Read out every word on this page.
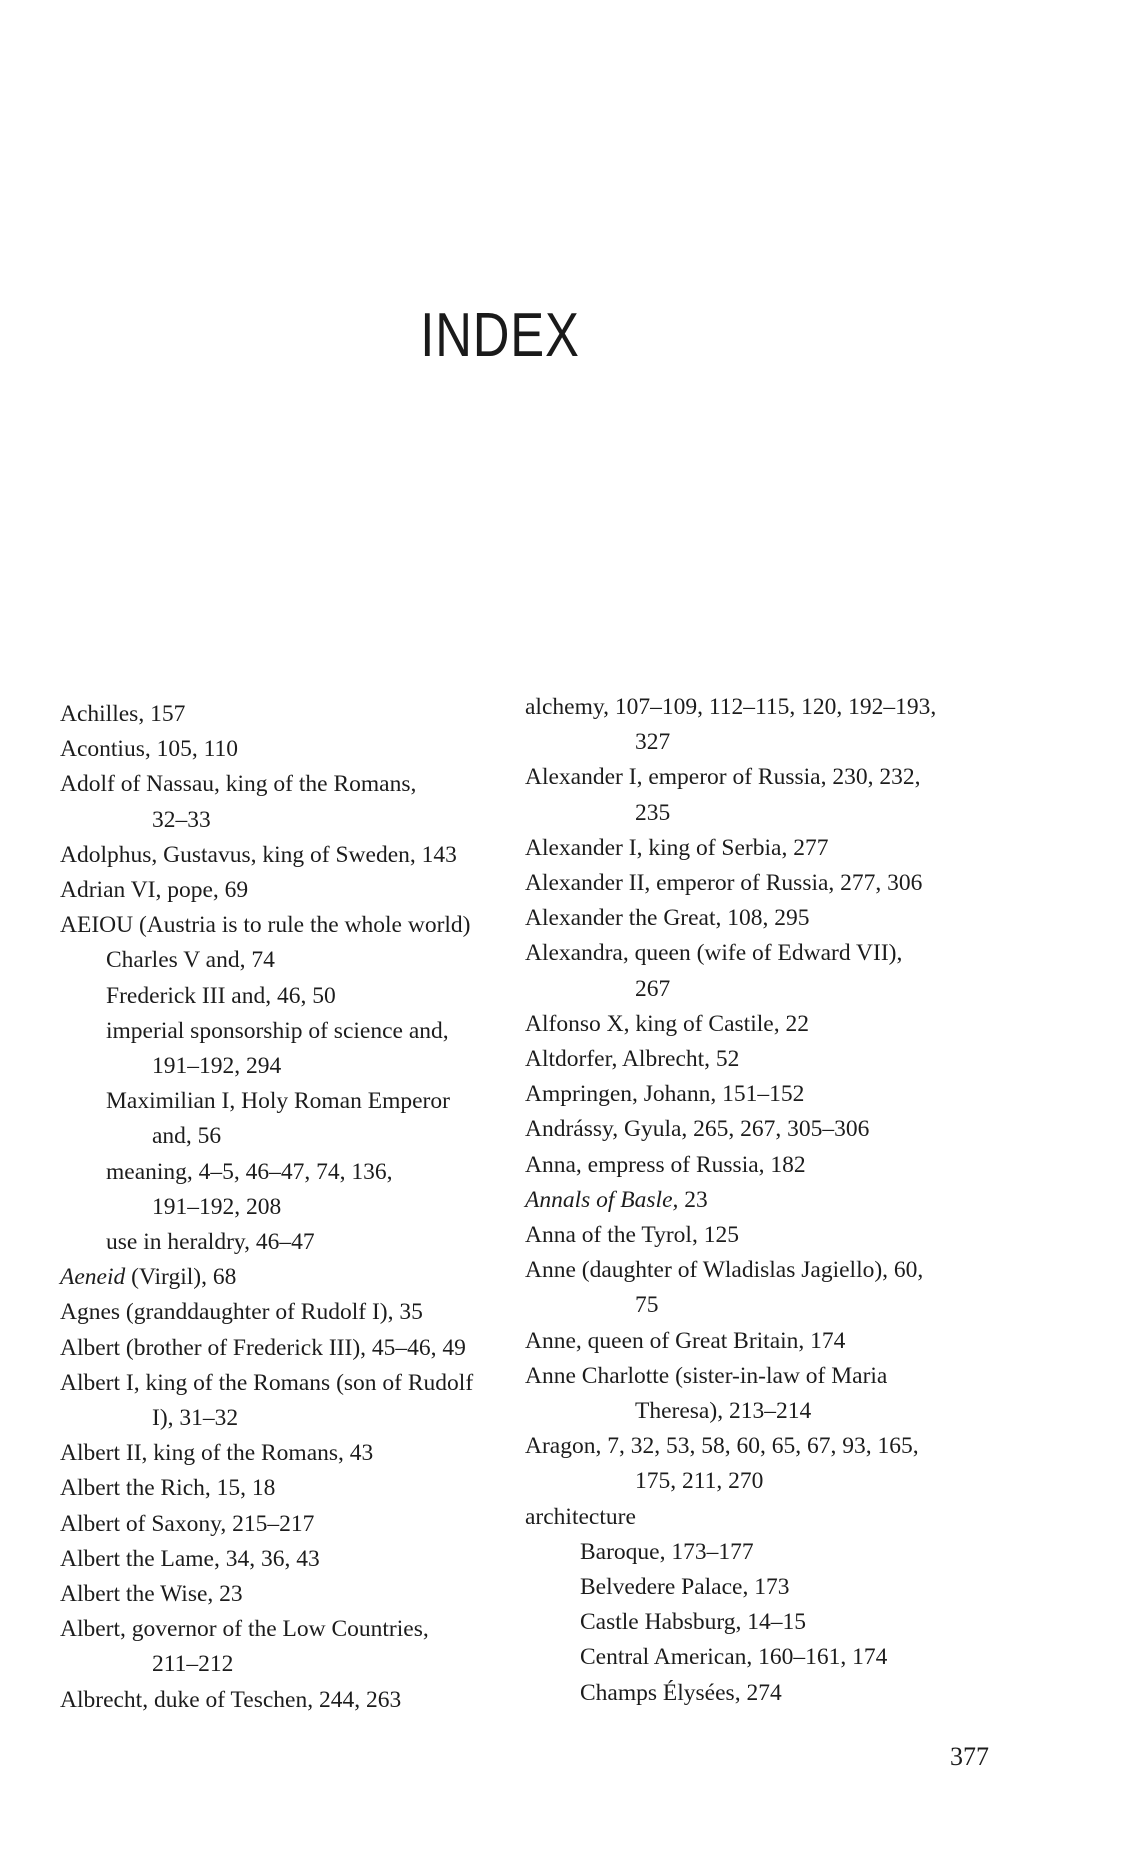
INDEX

Achilles, 157

Acontius, 105, 110

Adolf of Nassau, king of the Romans,

32–33

Adolphus, Gustavus, king of Sweden, 143

Adrian VI, pope, 69

AEIOU (Austria is to rule the whole world)

Charles V and, 74

Frederick III and, 46, 50

imperial sponsorship of science and,

191–192, 294

Maximilian I, Holy Roman Emperor

and, 56

meaning, 4–5, 46–47, 74, 136,

191–192, 208

use in heraldry, 46–47

Aeneid (Virgil), 68

Agnes (granddaughter of Rudolf I), 35

Albert (brother of Frederick III), 45–46, 49

Albert I, king of the Romans (son of Rudolf

I), 31–32

Albert II, king of the Romans, 43

Albert the Rich, 15, 18

Albert of Saxony, 215–217

Albert the Lame, 34, 36, 43

Albert the Wise, 23

Albert, governor of the Low Countries,

211–212

Albrecht, duke of Teschen, 244, 263

alchemy, 107–109, 112–115, 120, 192–193,

327

Alexander I, emperor of Russia, 230, 232,

235

Alexander I, king of Serbia, 277

Alexander II, emperor of Russia, 277, 306

Alexander the Great, 108, 295

Alexandra, queen (wife of Edward VII),

267

Alfonso X, king of Castile, 22

Altdorfer, Albrecht, 52

Ampringen, Johann, 151–152

Andrássy, Gyula, 265, 267, 305–306

Anna, empress of Russia, 182

Annals of Basle, 23

Anna of the Tyrol, 125

Anne (daughter of Wladislas Jagiello), 60,

75

Anne, queen of Great Britain, 174

Anne Charlotte (sister-in-law of Maria

Theresa), 213–214

Aragon, 7, 32, 53, 58, 60, 65, 67, 93, 165,

175, 211, 270

architecture

Baroque, 173–177

Belvedere Palace, 173

Castle Habsburg, 14–15

Central American, 160–161, 174

Champs Élysées, 274

377
